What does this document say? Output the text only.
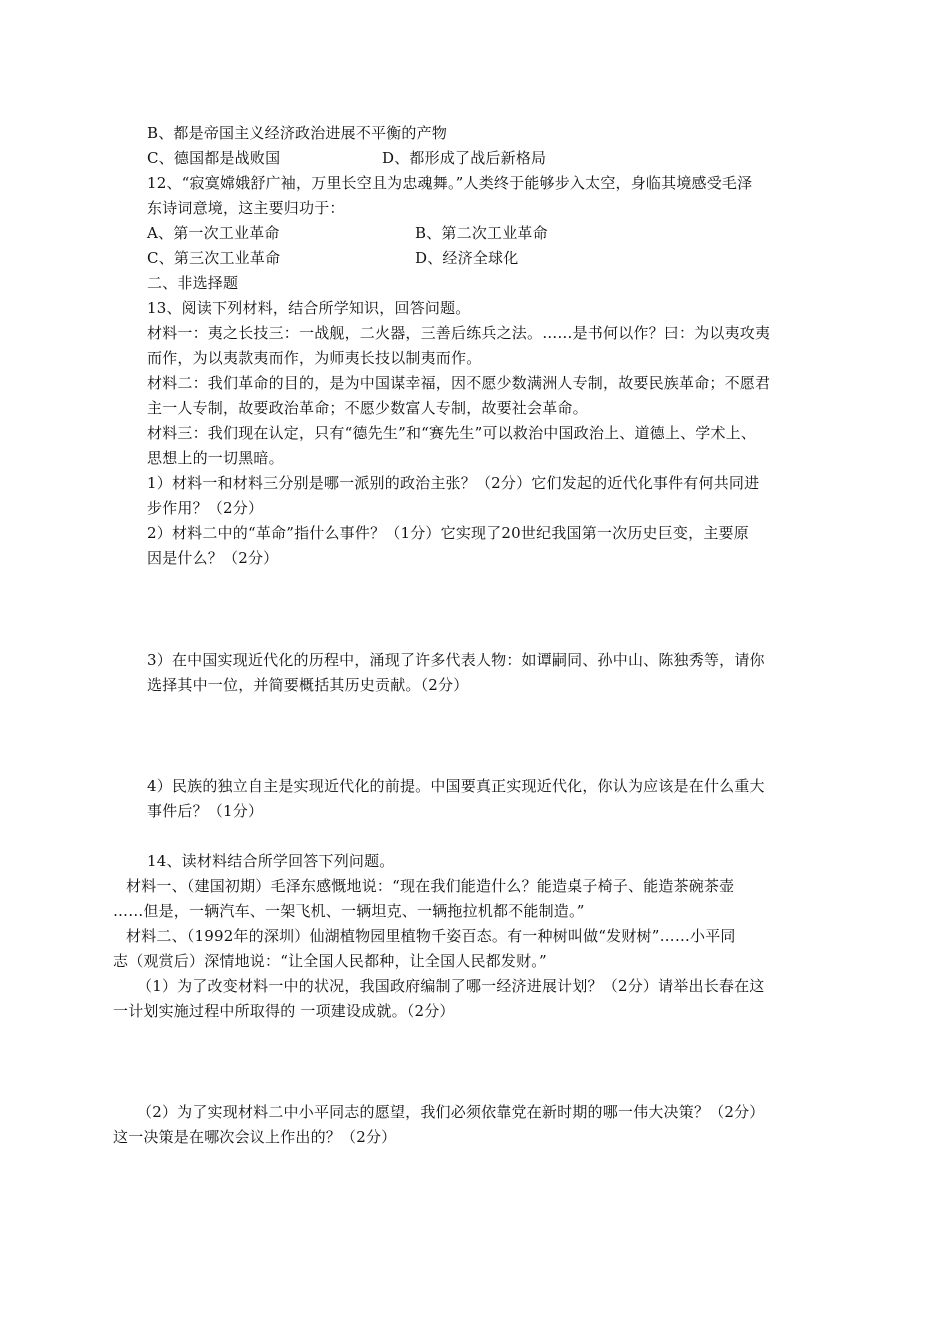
B、都是帝国主义经济政治进展不平衡的产物
C、德国都是战败国	D、都形成了战后新格局
12、“寂寞嫦娥舒广袖，万里长空且为忠魂舞。”人类终于能够步入太空，身临其境感受毛泽
东诗词意境，这主要归功于：
A、第一次工业革命	B、第二次工业革命
C、第三次工业革命	D、经济全球化
二、非选择题
13、阅读下列材料，结合所学知识，回答问题。
材料一：夷之长技三：一战舰，二火器，三善后练兵之法。……是书何以作？曰：为以夷攻夷
而作，为以夷款夷而作，为师夷长技以制夷而作。
材料二：我们革命的目的，是为中国谋幸福，因不愿少数满洲人专制，故要民族革命；不愿君
主一人专制，故要政治革命；不愿少数富人专制，故要社会革命。
材料三：我们现在认定，只有“德先生”和“赛先生”可以救治中国政治上、道德上、学术上、
思想上的一切黑暗。
1）材料一和材料三分别是哪一派别的政治主张？（2分）它们发起的近代化事件有何共同进
步作用？（2分）
2）材料二中的“革命”指什么事件？（1分）它实现了20世纪我国第一次历史巨变，主要原
因是什么？（2分）
3）在中国实现近代化的历程中，涌现了许多代表人物：如谭嗣同、孙中山、陈独秀等，请你
选择其中一位，并简要概括其历史贡献。（2分）
4）民族的独立自主是实现近代化的前提。中国要真正实现近代化，你认为应该是在什么重大
事件后？（1分）
14、读材料结合所学回答下列问题。
材料一、（建国初期）毛泽东感慨地说：“现在我们能造什么？能造桌子椅子、能造茶碗茶壶
……但是，一辆汽车、一架飞机、一辆坦克、一辆拖拉机都不能制造。”
材料二、（1992年的深圳）仙湖植物园里植物千姿百态。有一种树叫做“发财树”……小平同
志（观赏后）深情地说：“让全国人民都种，让全国人民都发财。”
（1）为了改变材料一中的状况，我国政府编制了哪一经济进展计划？（2分）请举出长春在这
一计划实施过程中所取得的 一项建设成就。（2分）
（2）为了实现材料二中小平同志的愿望，我们必须依靠党在新时期的哪一伟大决策？（2分）
这一决策是在哪次会议上作出的？（2分）
